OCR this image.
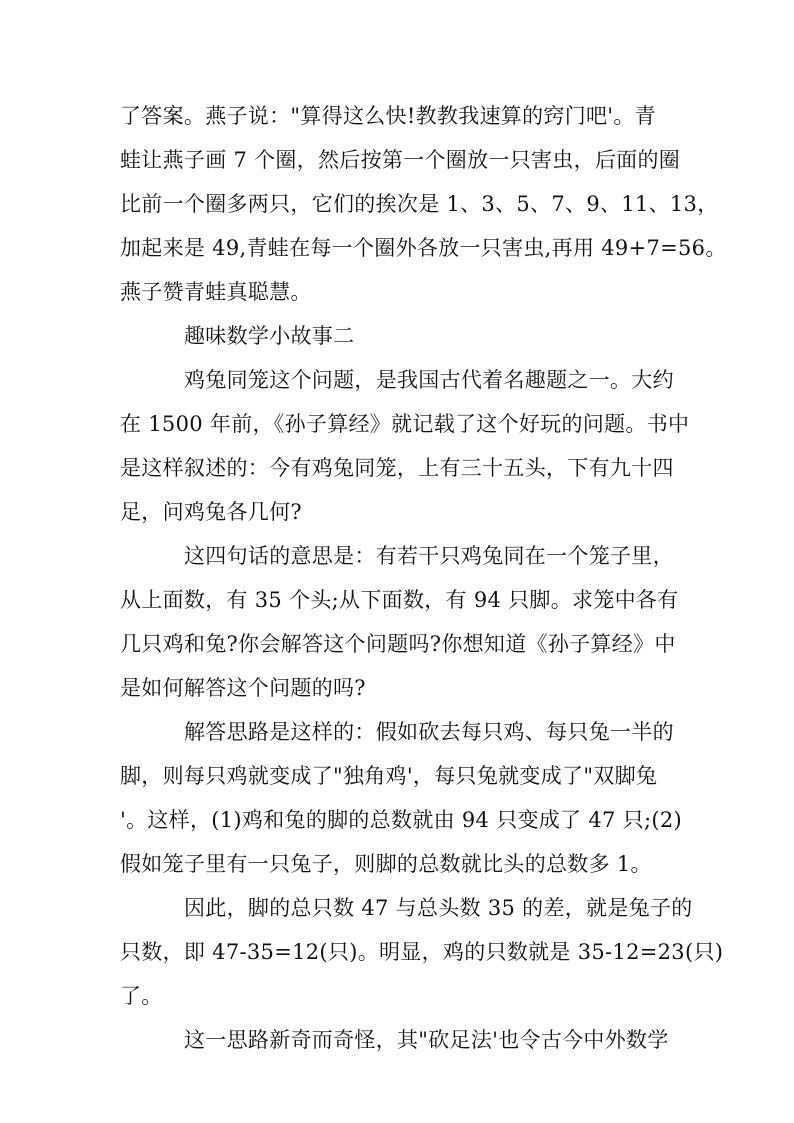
了答案。燕子说："算得这么快!教教我速算的窍门吧'。青
蛙让燕子画 7 个圈，然后按第一个圈放一只害虫，后面的圈
比前一个圈多两只，它们的挨次是 1、3、5、7、9、11、13，
加起来是 49,青蛙在每一个圈外各放一只害虫,再用 49+7=56。
燕子赞青蛙真聪慧。
趣味数学小故事二
鸡兔同笼这个问题，是我国古代着名趣题之一。大约
在 1500 年前，《孙子算经》就记载了这个好玩的问题。书中
是这样叙述的：今有鸡兔同笼，上有三十五头，下有九十四
足，问鸡兔各几何?
这四句话的意思是：有若干只鸡兔同在一个笼子里，
从上面数，有 35 个头;从下面数，有 94 只脚。求笼中各有
几只鸡和兔?你会解答这个问题吗?你想知道《孙子算经》中
是如何解答这个问题的吗?
解答思路是这样的：假如砍去每只鸡、每只兔一半的
脚，则每只鸡就变成了"独角鸡'，每只兔就变成了"双脚兔
'。这样，(1)鸡和兔的脚的总数就由 94 只变成了 47 只;(2)
假如笼子里有一只兔子，则脚的总数就比头的总数多 1。
因此，脚的总只数 47 与总头数 35 的差，就是兔子的
只数，即 47-35=12(只)。明显，鸡的只数就是 35-12=23(只)
了。
这一思路新奇而奇怪，其"砍足法'也令古今中外数学
